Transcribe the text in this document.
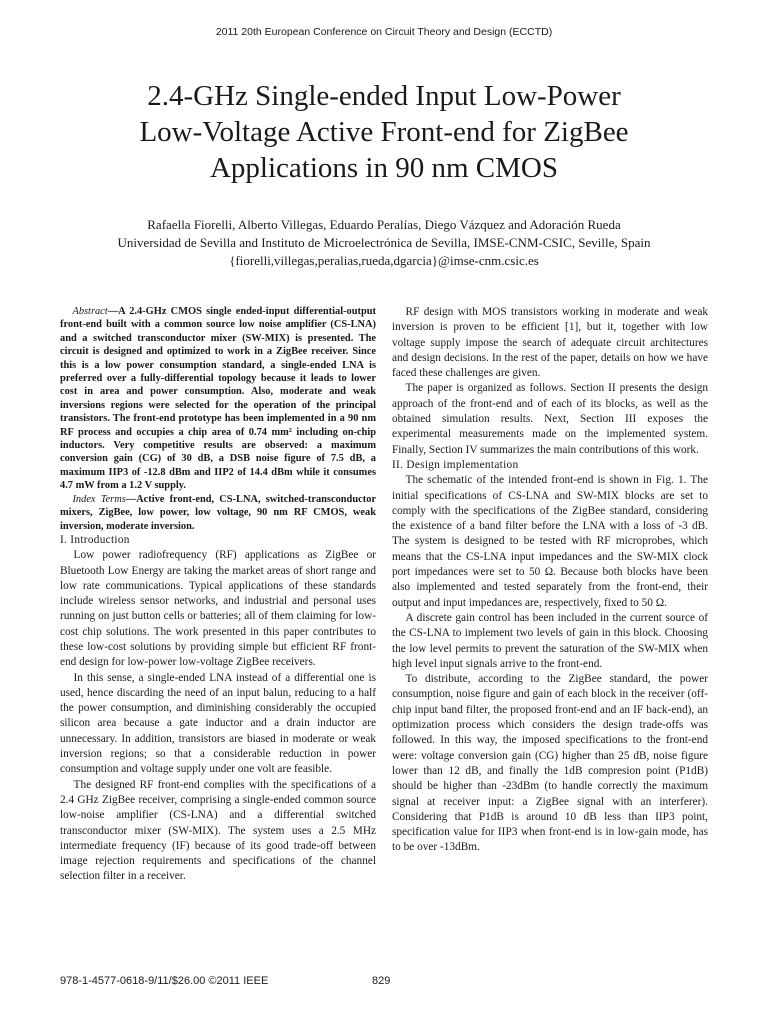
2011 20th European Conference on Circuit Theory and Design (ECCTD)
2.4-GHz Single-ended Input Low-Power
Low-Voltage Active Front-end for ZigBee
Applications in 90 nm CMOS
Rafaella Fiorelli, Alberto Villegas, Eduardo Peralías, Diego Vázquez and Adoración Rueda
Universidad de Sevilla and Instituto de Microelectrónica de Sevilla, IMSE-CNM-CSIC, Seville, Spain
{fiorelli,villegas,peralias,rueda,dgarcia}@imse-cnm.csic.es

Abstract—A 2.4-GHz CMOS single ended-input differential-output front-end built with a common source low noise amplifier (CS-LNA) and a switched transconductor mixer (SW-MIX) is presented. The circuit is designed and optimized to work in a ZigBee receiver. Since this is a low power consumption standard, a single-ended LNA is preferred over a fully-differential topology because it leads to lower cost in area and power consumption. Also, moderate and weak inversions regions were selected for the operation of the principal transistors. The front-end prototype has been implemented in a 90 nm RF process and occupies a chip area of 0.74 mm² including on-chip inductors. Very competitive results are observed: a maximum conversion gain (CG) of 30 dB, a DSB noise figure of 7.5 dB, a maximum IIP3 of -12.8 dBm and IIP2 of 14.4 dBm while it consumes 4.7 mW from a 1.2 V supply.

Index Terms—Active front-end, CS-LNA, switched-transconductor mixers, ZigBee, low power, low voltage, 90 nm RF CMOS, weak inversion, moderate inversion.

I. Introduction

Low power radiofrequency (RF) applications as ZigBee or Bluetooth Low Energy are taking the market areas of short range and low rate communications. Typical applications of these standards include wireless sensor networks, and industrial and personal uses running on just button cells or batteries; all of them claiming for low-cost chip solutions. The work presented in this paper contributes to these low-cost solutions by providing simple but efficient RF front-end design for low-power low-voltage ZigBee receivers.

In this sense, a single-ended LNA instead of a differential one is used, hence discarding the need of an input balun, reducing to a half the power consumption, and diminishing considerably the occupied silicon area because a gate inductor and a drain inductor are unnecessary. In addition, transistors are biased in moderate or weak inversion regions; so that a considerable reduction in power consumption and voltage supply under one volt are feasible.

The designed RF front-end complies with the specifications of a 2.4 GHz ZigBee receiver, comprising a single-ended common source low-noise amplifier (CS-LNA) and a differential switched transconductor mixer (SW-MIX). The system uses a 2.5 MHz intermediate frequency (IF) because of its good trade-off between image rejection requirements and specifications of the channel selection filter in a receiver.

RF design with MOS transistors working in moderate and weak inversion is proven to be efficient [1], but it, together with low voltage supply impose the search of adequate circuit architectures and design decisions. In the rest of the paper, details on how we have faced these challenges are given.

The paper is organized as follows. Section II presents the design approach of the front-end and of each of its blocks, as well as the obtained simulation results. Next, Section III exposes the experimental measurements made on the implemented system. Finally, Section IV summarizes the main contributions of this work.

II. Design implementation

The schematic of the intended front-end is shown in Fig. 1. The initial specifications of CS-LNA and SW-MIX blocks are set to comply with the specifications of the ZigBee standard, considering the existence of a band filter before the LNA with a loss of -3 dB. The system is designed to be tested with RF microprobes, which means that the CS-LNA input impedances and the SW-MIX clock port impedances were set to 50 Ω. Because both blocks have been also implemented and tested separately from the front-end, their output and input impedances are, respectively, fixed to 50 Ω.

A discrete gain control has been included in the current source of the CS-LNA to implement two levels of gain in this block. Choosing the low level permits to prevent the saturation of the SW-MIX when high level input signals arrive to the front-end.

To distribute, according to the ZigBee standard, the power consumption, noise figure and gain of each block in the receiver (off-chip input band filter, the proposed front-end and an IF back-end), an optimization process which considers the design trade-offs was followed. In this way, the imposed specifications to the front-end were: voltage conversion gain (CG) higher than 25 dB, noise figure lower than 12 dB, and finally the 1dB compresion point (P1dB) should be higher than -23dBm (to handle correctly the maximum signal at receiver input: a ZigBee signal with an interferer). Considering that P1dB is around 10 dB less than IIP3 point, specification value for IIP3 when front-end is in low-gain mode, has to be over -13dBm.

978-1-4577-0618-9/11/$26.00 ©2011 IEEE	829
